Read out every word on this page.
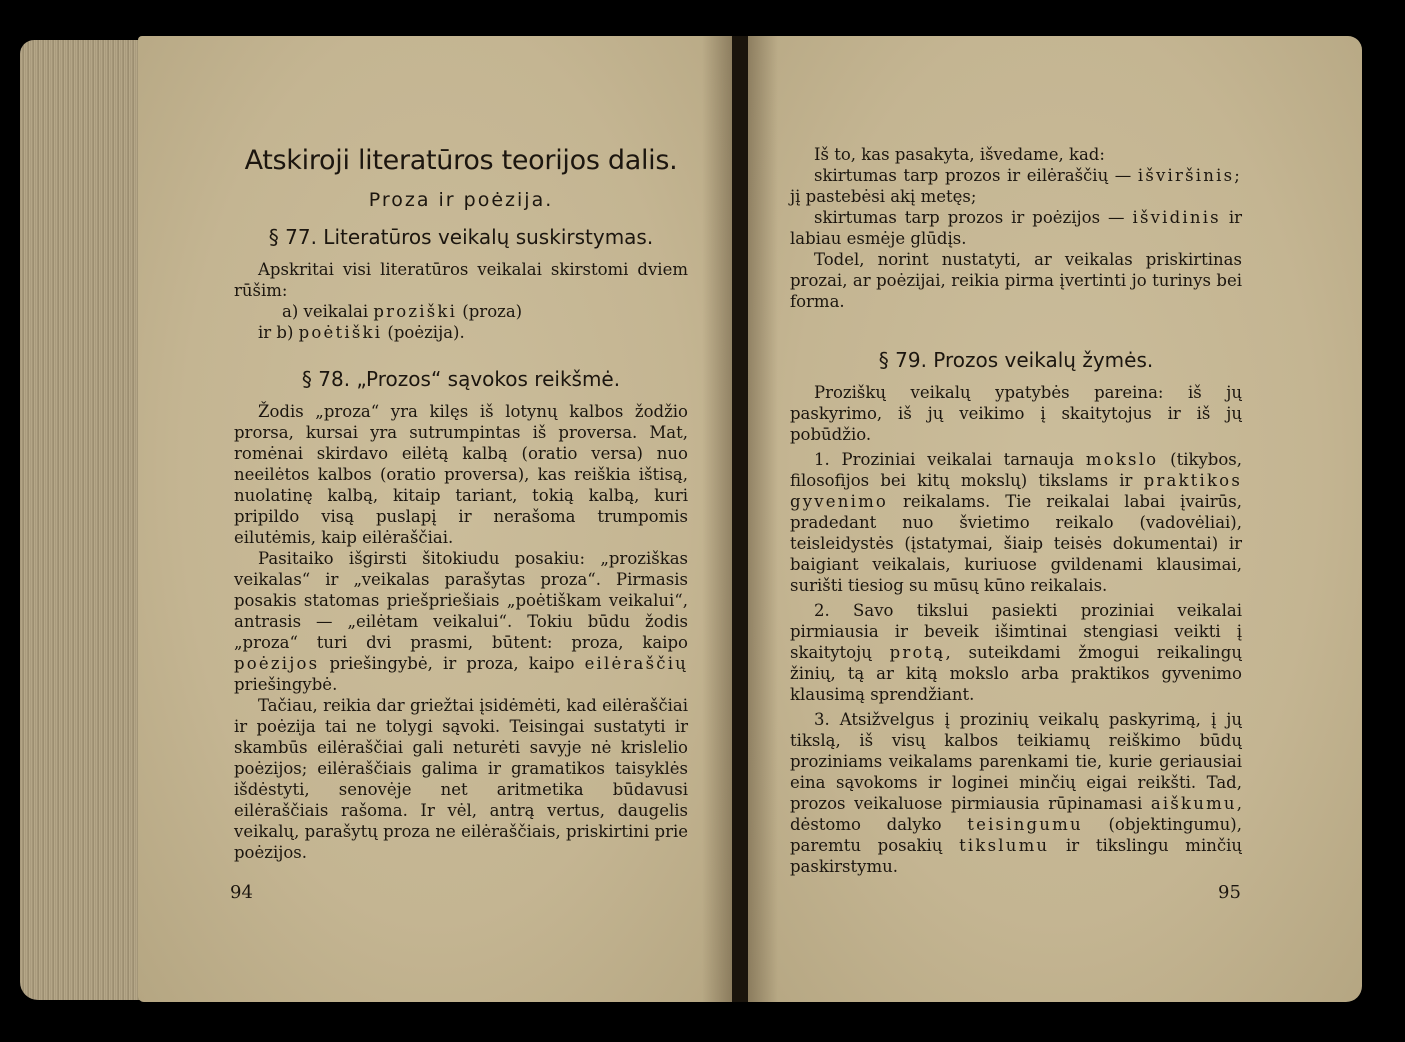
Atskiroji literatūros teorijos dalis.
Proza ir poėzija.
§ 77. Literatūros veikalų suskirstymas.

Apskritai visi literatūros veikalai skirstomi dviem rūšim:

a) veikalai proziški (proza)
ir b) poėtiški (poėzija).
§ 78. „Prozos“ sąvokos reikšmė.

Žodis „proza“ yra kilęs iš lotynų kalbos žodžio prorsa, kursai yra sutrumpintas iš proversa. Mat, romėnai skirdavo eilėtą kalbą (oratio versa) nuo neeilėtos kalbos (oratio proversa), kas reiškia ištisą, nuolatinę kalbą, kitaip tariant, tokią kalbą, kuri pripildo visą puslapį ir nerašoma trumpomis eilutėmis, kaip eilėraščiai.

Pasitaiko išgirsti šitokiudu posakiu: „proziškas veikalas“ ir „veikalas parašytas proza“. Pirmasis posakis statomas priešpriešiais „poėtiškam veikalui“, antrasis — „eilėtam veikalui“. Tokiu būdu žodis „proza“ turi dvi prasmi, būtent: proza, kaipo poėzijos priešingybė, ir proza, kaipo eilėraščių priešingybė.

Tačiau, reikia dar griežtai įsidėmėti, kad eilėraščiai ir poėzija tai ne tolygi sąvoki. Teisingai sustatyti ir skambūs eilėraščiai gali neturėti savyje nė krislelio poėzijos; eilėraščiais galima ir gramatikos taisyklės išdėstyti, senovėje net aritmetika būdavusi eilėraščiais rašoma. Ir vėl, antrą vertus, daugelis veikalų, parašytų proza ne eilėraščiais, priskirtini prie poėzijos.

94

Iš to, kas pasakyta, išvedame, kad:

skirtumas tarp prozos ir eilėraščių — išviršinis; jį pastebėsi akį metęs;

skirtumas tarp prozos ir poėzijos — išvidinis ir labiau esmėje glūdįs.

Todel, norint nustatyti, ar veikalas priskirtinas prozai, ar poėzijai, reikia pirma įvertinti jo turinys bei forma.

§ 79. Prozos veikalų žymės.

Proziškų veikalų ypatybės pareina: iš jų paskyrimo, iš jų veikimo į skaitytojus ir iš jų pobūdžio.

1. Proziniai veikalai tarnauja mokslo (tikybos, filosofijos bei kitų mokslų) tikslams ir praktikos gyvenimo reikalams. Tie reikalai labai įvairūs, pradedant nuo švietimo reikalo (vadovėliai), teisleidystės (įstatymai, šiaip teisės dokumentai) ir baigiant veikalais, kuriuose gvildenami klausimai, surišti tiesiog su mūsų kūno reikalais.

2. Savo tikslui pasiekti proziniai veikalai pirmiausia ir beveik išimtinai stengiasi veikti į skaitytojų protą, suteikdami žmogui reikalingų žinių, tą ar kitą mokslo arba praktikos gyvenimo klausimą sprendžiant.

3. Atsižvelgus į prozinių veikalų paskyrimą, į jų tikslą, iš visų kalbos teikiamų reiškimo būdų proziniams veikalams parenkami tie, kurie geriausiai eina sąvokoms ir loginei minčių eigai reikšti. Tad, prozos veikaluose pirmiausia rūpinamasi aiškumu, dėstomo dalyko teisingumu (objektingumu), paremtu posakių tikslumu ir tikslingu minčių paskirstymu.

95
